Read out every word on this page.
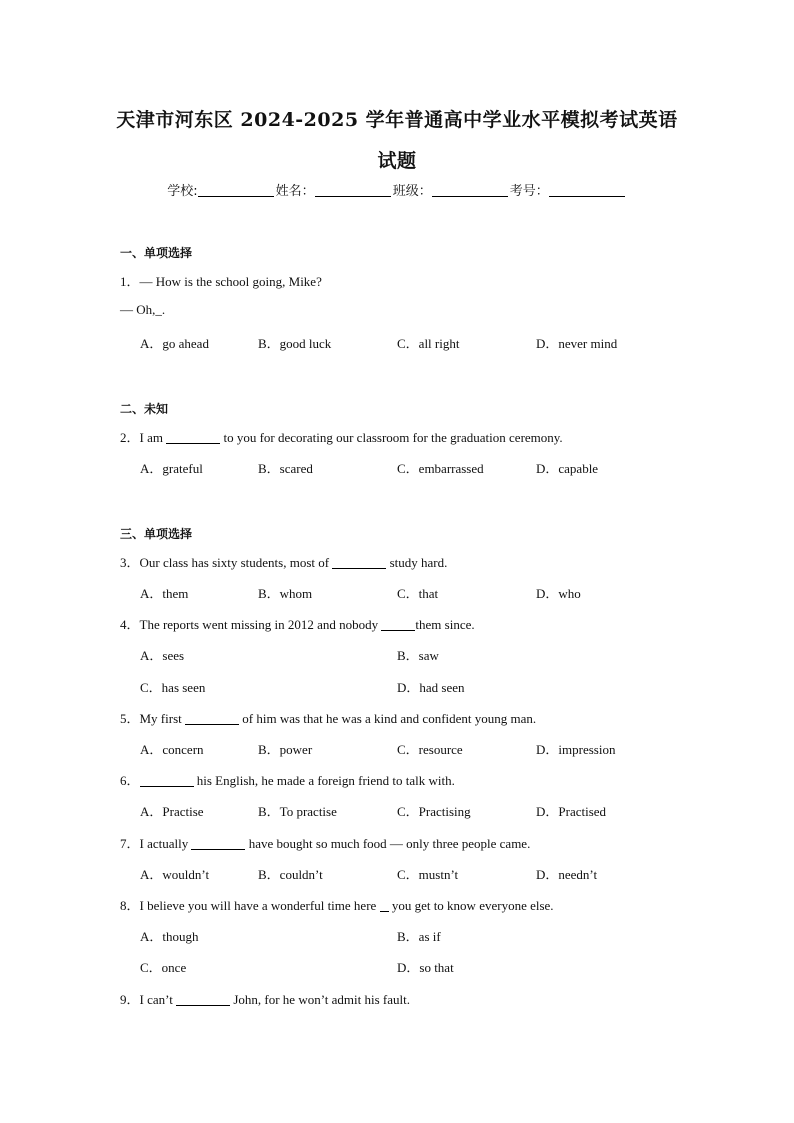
天津市河东区 2024-2025 学年普通高中学业水平模拟考试英语
试题
学校:	姓名：	班级：	考号：
一、单项选择
1．— How is the school going, Mike?
— Oh,_.
A．go ahead	B．good luck	C．all right	D．never mind
二、未知
2．I am	to you for decorating our classroom for the graduation ceremony.
A．grateful	B．scared	C．embarrassed	D．capable
三、单项选择
3．Our class has sixty students, most of	study hard.
A．them	B．whom	C．that	D．who
4．The reports went missing in 2012 and nobody	them since.
A．sees	B．saw
C．has seen	D．had seen
5．My first	of him was that he was a kind and confident young man.
A．concern	B．power	C．resource	D．impression
6．	his English, he made a foreign friend to talk with.
A．Practise	B．To practise	C．Practising	D．Practised
7．I actually	have bought so much food — only three people came.
A．wouldn’t	B．couldn’t	C．mustn’t	D．needn’t
8．I believe you will have a wonderful time here you get to know everyone else.
A．though	B．as if
C．once	D．so that
9．I can’t	John, for he won’t admit his fault.
